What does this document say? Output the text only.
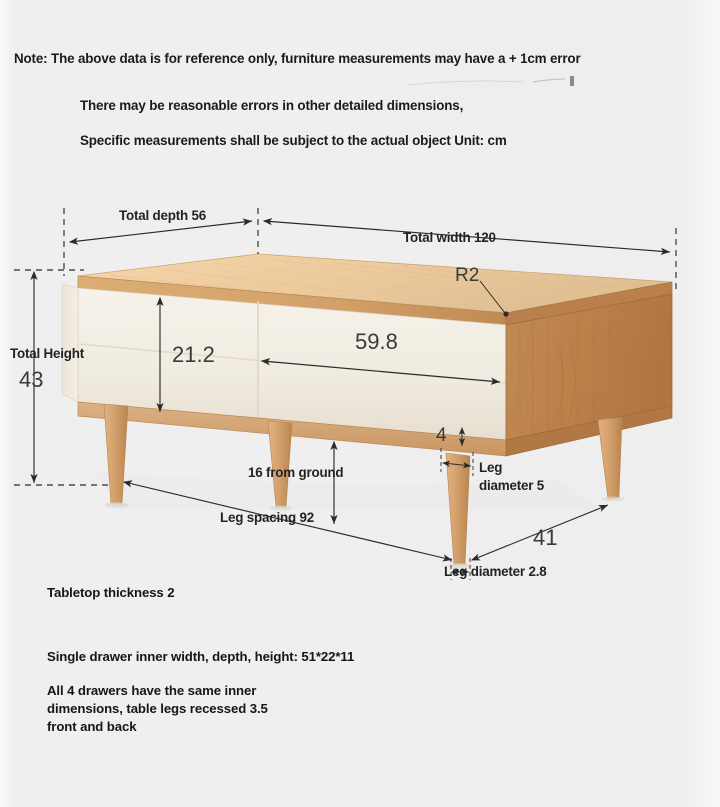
Note: The above data is for reference only, furniture measurements may have a + 1cm error
There may be reasonable errors in other detailed dimensions,
Specific measurements shall be subject to the actual object Unit: cm
Total depth 56
Total width 120
R2
Total Height
43
21.2
59.8
4
16 from ground
Leg spacing 92
Leg
diameter 5
41
Leg diameter 2.8
Tabletop thickness 2
Single drawer inner width, depth, height: 51*22*11
All 4 drawers have the same inner dimensions, table legs recessed 3.5 front and back
